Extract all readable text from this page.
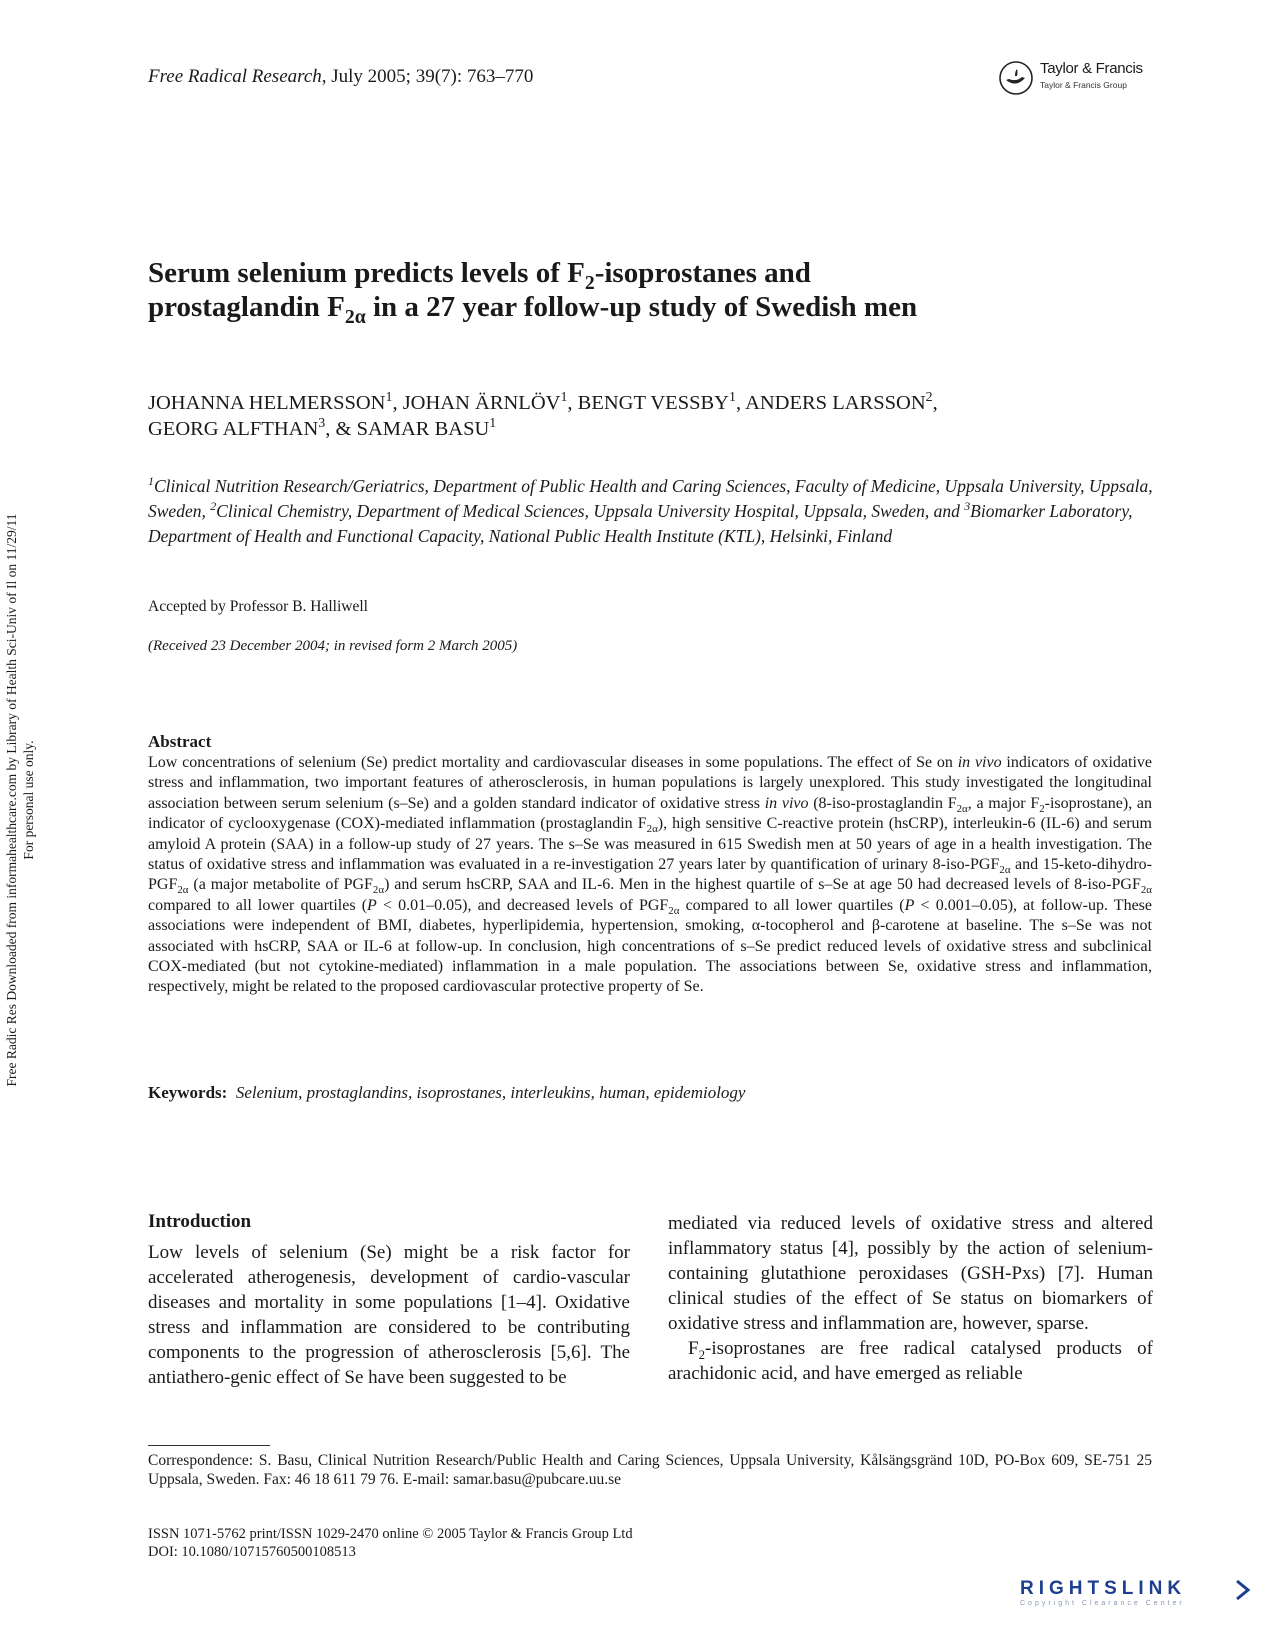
Free Radical Research, July 2005; 39(7): 763–770	Taylor & Francis
Taylor & Francis Group
Free Radic Res Downloaded from informahealthcare.com by Library of Health Sci-Univ of Il on 11/29/11 For personal use only.
Serum selenium predicts levels of $F_2$-isoprostanes and
prostaglandin $F_{2\alpha}$ in a 27 year follow-up study of Swedish men
JOHANNA HELMERSSON$^1$, JOHAN ÄRNLÖV$^1$, BENGT VESSBY$^1$, ANDERS LARSSON$^2$,
GEORG ALFTHAN$^3$, & SAMAR BASU$^1$
$^1$Clinical Nutrition Research/Geriatrics, Department of Public Health and Caring Sciences, Faculty of Medicine, Uppsala University, Uppsala, Sweden, $^2$Clinical Chemistry, Department of Medical Sciences, Uppsala University Hospital, Uppsala, Sweden, and $^3$Biomarker Laboratory, Department of Health and Functional Capacity, National Public Health Institute (KTL), Helsinki, Finland
Accepted by Professor B. Halliwell
(Received 23 December 2004; in revised form 2 March 2005)
Abstract
Low concentrations of selenium (Se) predict mortality and cardiovascular diseases in some populations. The effect of Se on in vivo indicators of oxidative stress and inflammation, two important features of atherosclerosis, in human populations is largely unexplored. This study investigated the longitudinal association between serum selenium (s–Se) and a golden standard indicator of oxidative stress in vivo (8-iso-prostaglandin $F_{2\alpha}$, a major $F_2-isoprostane$), an indicator of cyclooxygenase (COX)-mediated inflammation (prostaglandin $F_{2\alpha}$), high sensitive C-reactive protein (hsCRP), interleukin-6 (IL-6) and serum amyloid A protein (SAA) in a follow-up study of 27 years. The s–Se was measured in 615 Swedish men at 50 years of age in a health investigation. The status of oxidative stress and inflammation was evaluated in a re-investigation 27 years later by quantification of urinary $8-iso-PGF_{2\alpha}$ and 15-keto-dihydro- $PGF_{2\alpha}$ (a major metabolite of $PGF_{2\alpha}$) and serum hsCRP, SAA and IL-6. Men in the highest quartile of s–Se at age 50 had decreased levels of $8-iso-PGF_{2\alpha}$ compared to all lower quartiles (P < 0.01–0.05), and decreased levels of $PGF_{2\alpha}$ compared to all lower quartiles (P < 0.001–0.05), at follow-up. These associations were independent of BMI, diabetes, hyperlipidemia, hypertension, smoking, α-tocopherol and β-carotene at baseline. The s–Se was not associated with hsCRP, SAA or IL-6 at follow-up. In conclusion, high concentrations of s–Se predict reduced levels of oxidative stress and subclinical COX-mediated (but not cytokine-mediated) inflammation in a male population. The associations between Se, oxidative stress and inflammation, respectively, might be related to the proposed cardiovascular protective property of Se.
Keywords: Selenium, prostaglandins, isoprostanes, interleukins, human, epidemiology
Introduction
Low levels of selenium (Se) might be a risk factor for accelerated atherogenesis, development of cardio-vascular diseases and mortality in some populations [1–4]. Oxidative stress and inflammation are considered to be contributing components to the progression of atherosclerosis [5,6]. The antiathero-genic effect of Se have been suggested to be

mediated via reduced levels of oxidative stress and altered inflammatory status [4], possibly by the action of selenium-containing glutathione peroxidases (GSH-Pxs) [7]. Human clinical studies of the effect of Se status on biomarkers of oxidative stress and inflammation are, however, sparse.

$F_2$-isoprostanes are free radical catalysed products of arachidonic acid, and have emerged as reliable

Correspondence: S. Basu, Clinical Nutrition Research/Public Health and Caring Sciences, Uppsala University, Kålsängsgränd 10D, PO-Box 609, SE-751 25 Uppsala, Sweden. Fax: 46 18 611 79 76. E-mail: samar.basu@pubcare.uu.se
ISSN 1071-5762 print/ISSN 1029-2470 online © 2005 Taylor & Francis Group Ltd
DOI: 10.1080/10715760500108513
RIGHTSLINK
Copyright Clearance Center
